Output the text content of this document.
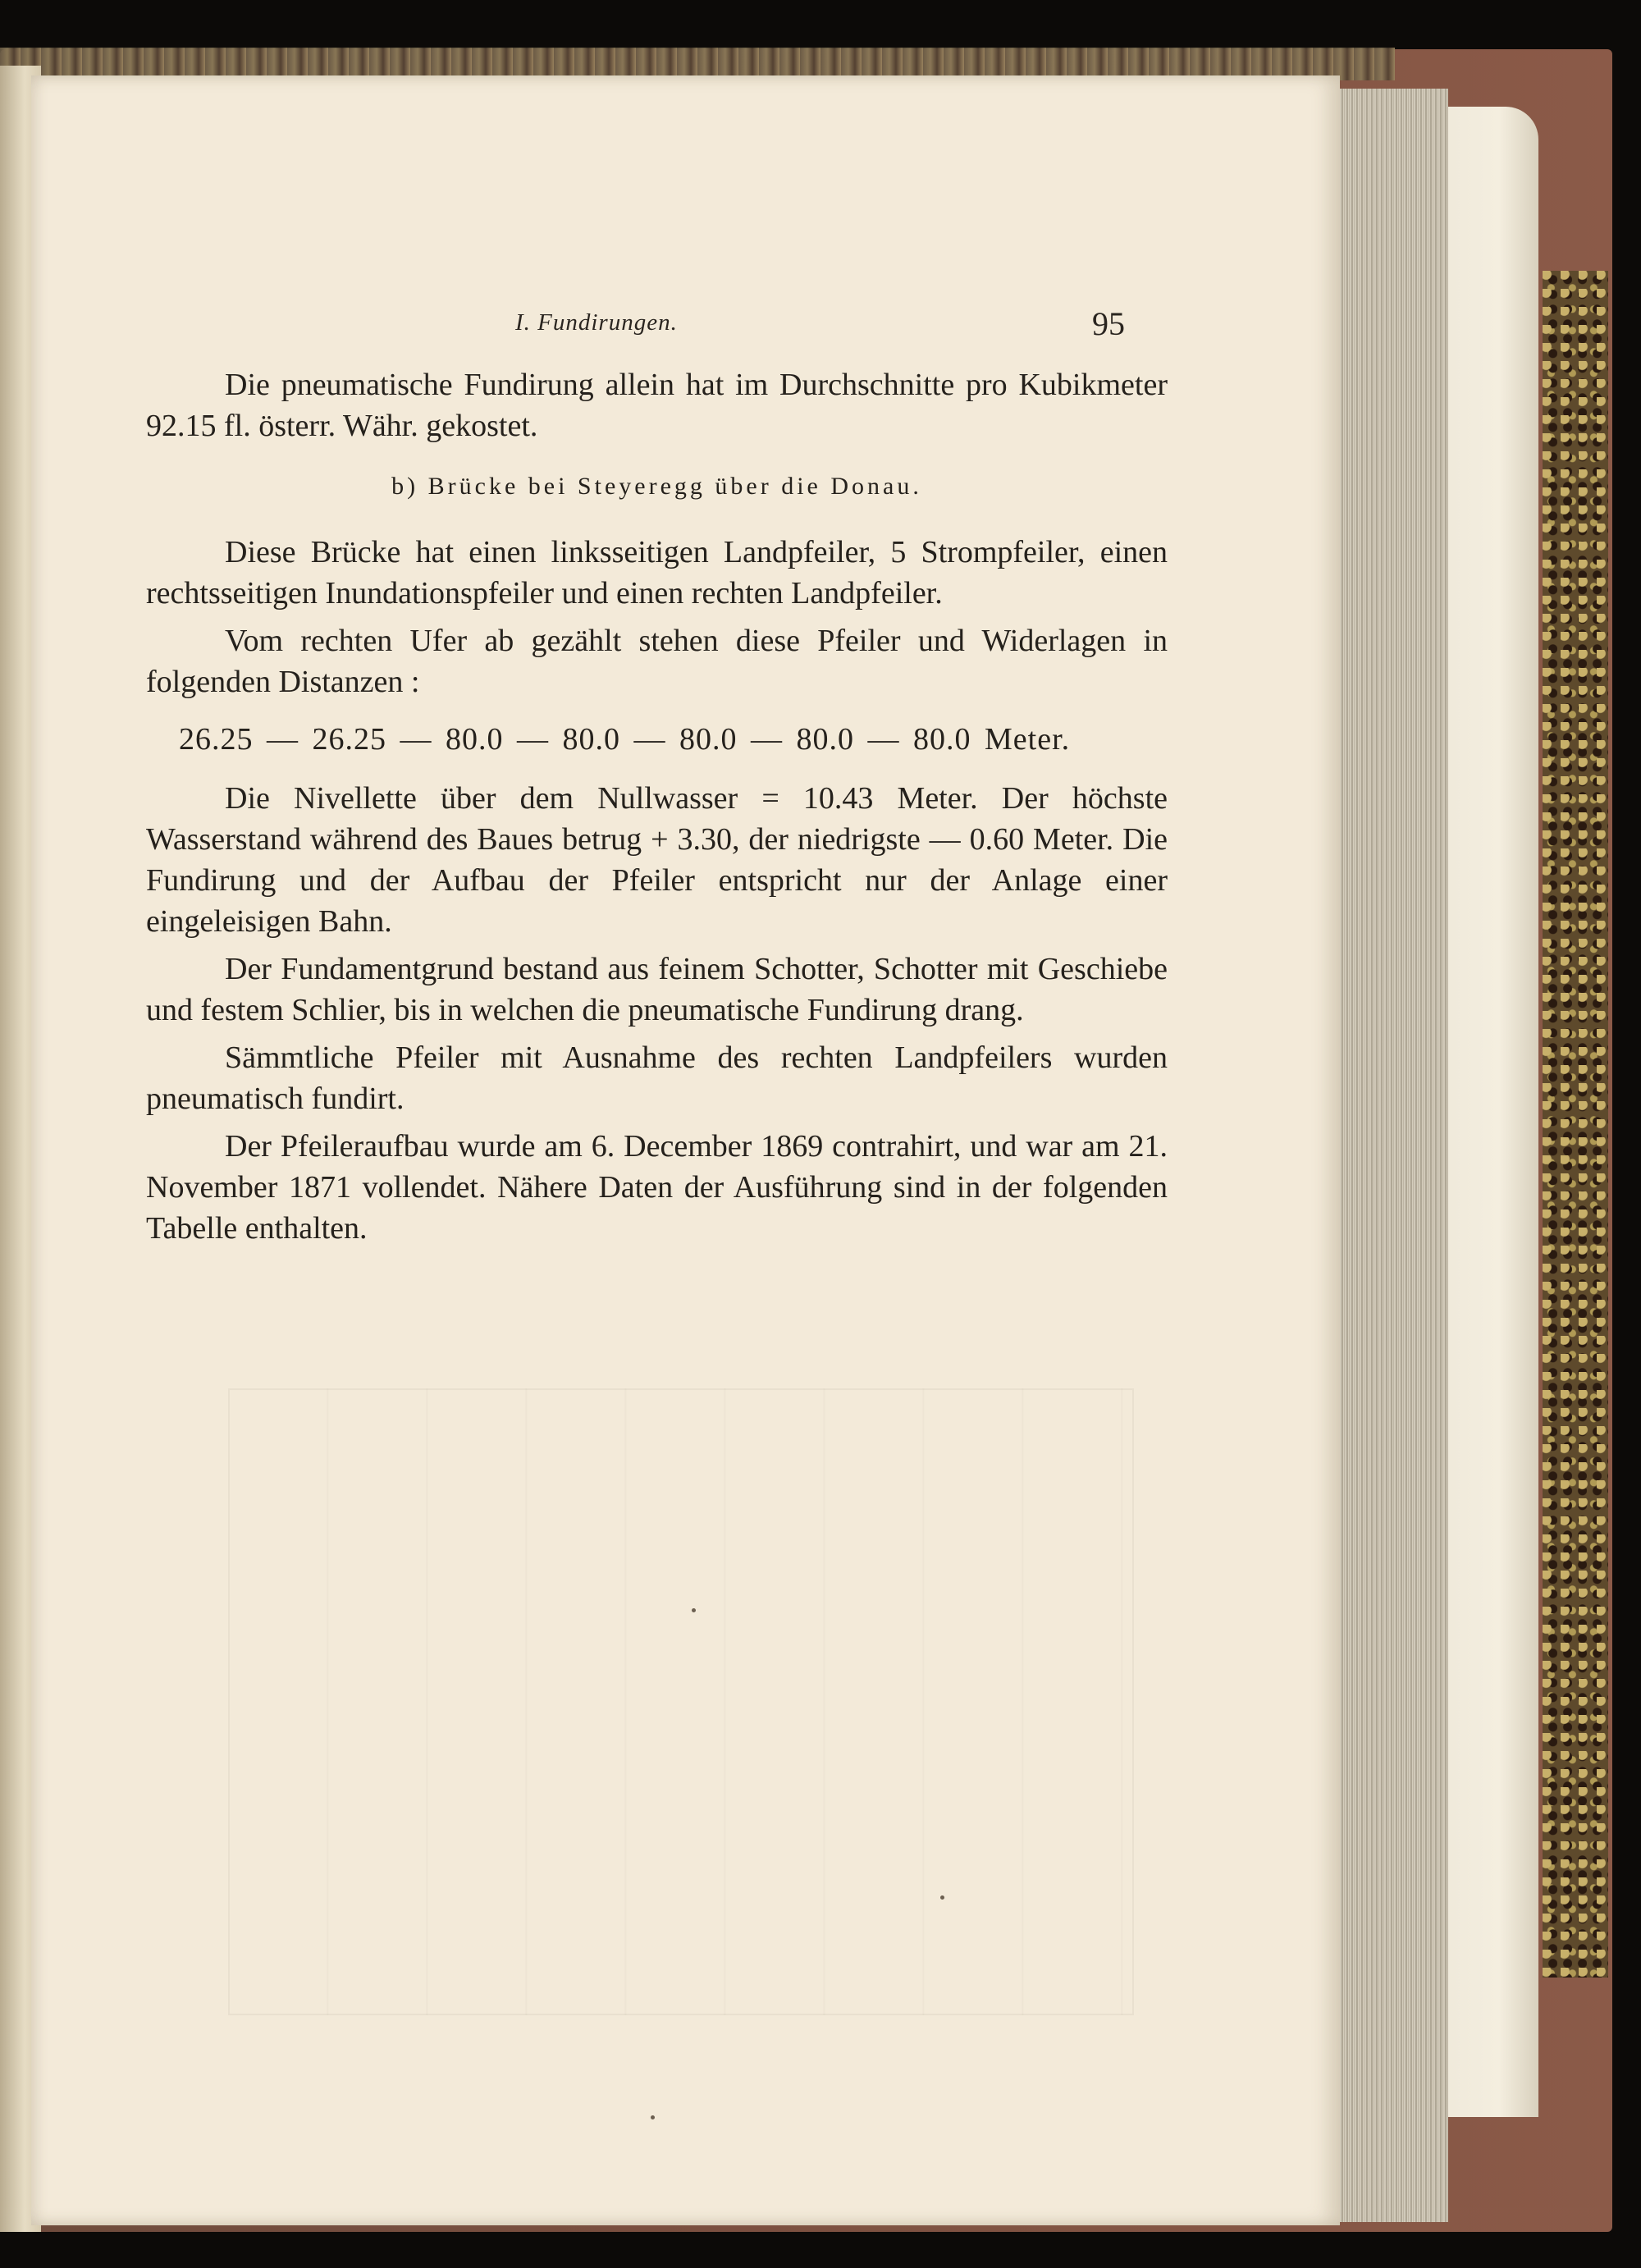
I. Fundirungen.	95

Die pneumatische Fundirung allein hat im Durchschnitte pro Kubikmeter 92.15 fl. österr. Währ. gekostet.

b) Brücke bei Steyeregg über die Donau.

Diese Brücke hat einen linksseitigen Landpfeiler, 5 Strompfeiler, einen rechtsseitigen Inundationspfeiler und einen rechten Landpfeiler.

Vom rechten Ufer ab gezählt stehen diese Pfeiler und Widerlagen in folgenden Distanzen :

26.25 — 26.25 — 80.0 — 80.0 — 80.0 — 80.0 — 80.0 Meter.

Die Nivellette über dem Nullwasser = 10.43 Meter. Der höchste Wasserstand während des Baues betrug + 3.30, der niedrigste — 0.60 Meter. Die Fundirung und der Aufbau der Pfeiler entspricht nur der Anlage einer eingeleisigen Bahn.

Der Fundamentgrund bestand aus feinem Schotter, Schotter mit Geschiebe und festem Schlier, bis in welchen die pneumatische Fundirung drang.

Sämmtliche Pfeiler mit Ausnahme des rechten Landpfeilers wurden pneumatisch fundirt.

Der Pfeileraufbau wurde am 6. December 1869 contrahirt, und war am 21. November 1871 vollendet. Nähere Daten der Ausführung sind in der folgenden Tabelle enthalten.
